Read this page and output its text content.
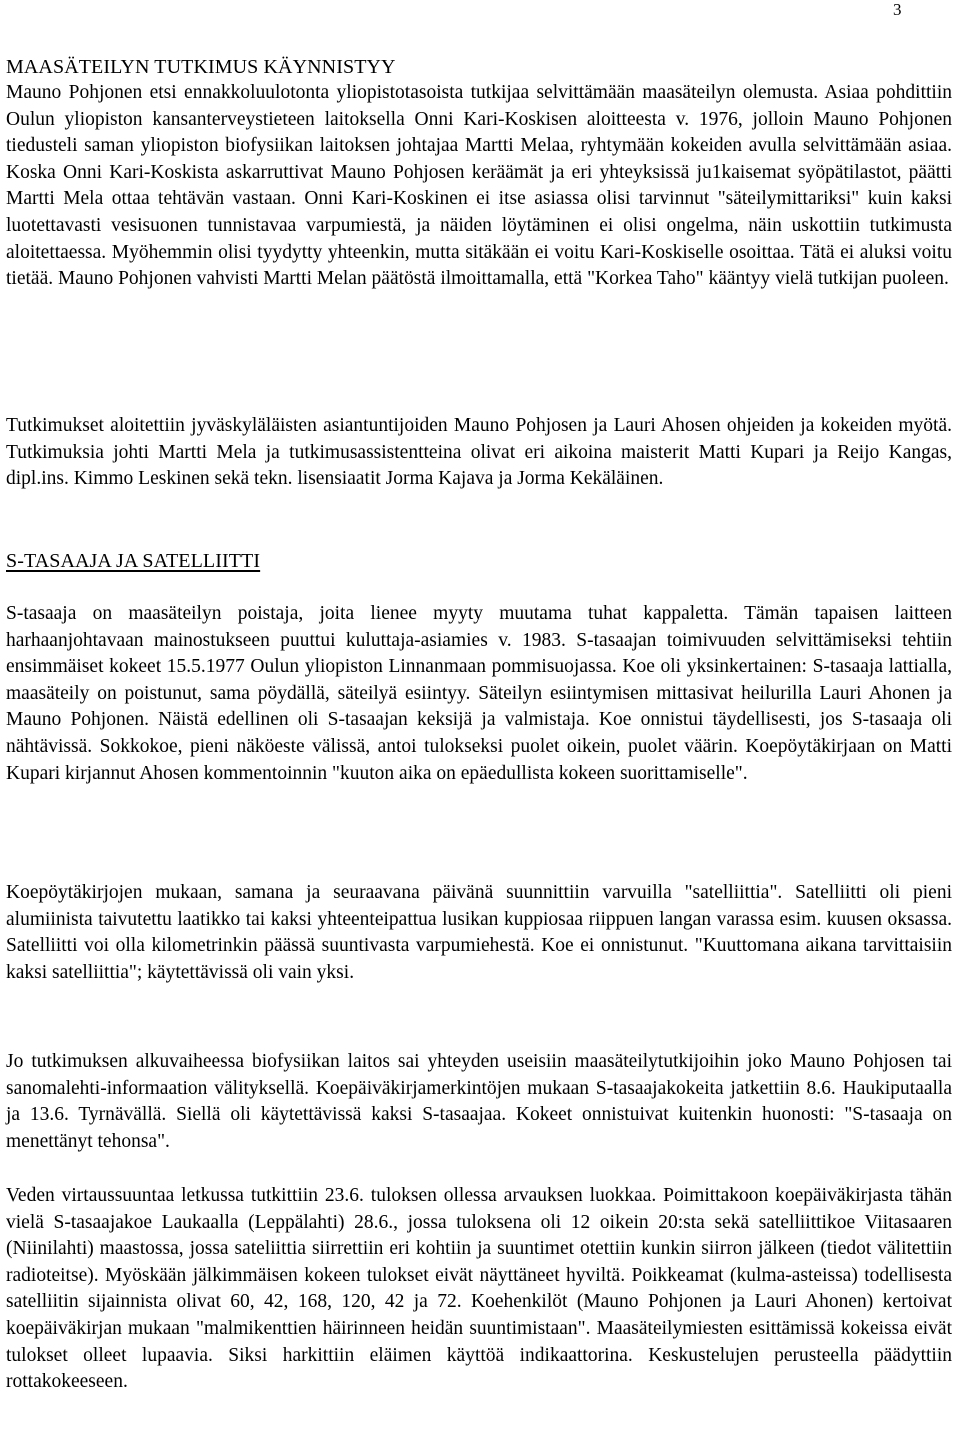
3
MAASÄTEILYN TUTKIMUS KÄYNNISTYY

Mauno Pohjonen etsi ennakkoluulotonta yliopistotasoista tutkijaa selvittämään maasäteilyn olemusta. Asiaa pohdittiin Oulun yliopiston kansanterveystieteen laitoksella Onni Kari-Koskisen aloitteesta v. 1976, jolloin Mauno Pohjonen tiedusteli saman yliopiston biofysiikan laitoksen johtajaa Martti Melaa, ryhtymään kokeiden avulla selvittämään asiaa. Koska Onni Kari-Koskista askarruttivat Mauno Pohjosen keräämät ja eri yhteyksissä ju1kaisemat syöpätilastot, päätti Martti Mela ottaa tehtävän vastaan. Onni Kari-Koskinen ei itse asiassa olisi tarvinnut "säteilymittariksi" kuin kaksi luotettavasti vesisuonen tunnistavaa varpumiestä, ja näiden löytäminen ei olisi ongelma, näin uskottiin tutkimusta aloitettaessa. Myöhemmin olisi tyydytty yhteenkin, mutta sitäkään ei voitu Kari-Koskiselle osoittaa. Tätä ei aluksi voitu tietää. Mauno Pohjonen vahvisti Martti Melan päätöstä ilmoittamalla, että "Korkea Taho" kääntyy vielä tutkijan puoleen.

Tutkimukset aloitettiin jyväskyläläisten asiantuntijoiden Mauno Pohjosen ja Lauri Ahosen ohjeiden ja kokeiden myötä. Tutkimuksia johti Martti Mela ja tutkimusassistentteina olivat eri aikoina maisterit Matti Kupari ja Reijo Kangas, dipl.ins. Kimmo Leskinen sekä tekn. lisensiaatit Jorma Kajava ja Jorma Kekäläinen.

S-TASAAJA JA SATELLIITTI

S-tasaaja on maasäteilyn poistaja, joita lienee myyty muutama tuhat kappaletta. Tämän tapaisen laitteen harhaanjohtavaan mainostukseen puuttui kuluttaja-asiamies v. 1983. S-tasaajan toimivuuden selvittämiseksi tehtiin ensimmäiset kokeet 15.5.1977 Oulun yliopiston Linnanmaan pommisuojassa. Koe oli yksinkertainen: S-tasaaja lattialla, maasäteily on poistunut, sama pöydällä, säteilyä esiintyy. Säteilyn esiintymisen mittasivat heilurilla Lauri Ahonen ja Mauno Pohjonen. Näistä edellinen oli S-tasaajan keksijä ja valmistaja. Koe onnistui täydellisesti, jos S-tasaaja oli nähtävissä. Sokkokoe, pieni näköeste välissä, antoi tulokseksi puolet oikein, puolet väärin. Koepöytäkirjaan on Matti Kupari kirjannut Ahosen kommentoinnin "kuuton aika on epäedullista kokeen suorittamiselle".

Koepöytäkirjojen mukaan, samana ja seuraavana päivänä suunnittiin varvuilla "satelliittia". Satelliitti oli pieni alumiinista taivutettu laatikko tai kaksi yhteenteipattua lusikan kuppiosaa riippuen langan varassa esim. kuusen oksassa. Satelliitti voi olla kilometrinkin päässä suuntivasta varpumiehestä. Koe ei onnistunut. "Kuuttomana aikana tarvittaisiin kaksi satelliittia"; käytettävissä oli vain yksi.

Jo tutkimuksen alkuvaiheessa biofysiikan laitos sai yhteyden useisiin maasäteilytutkijoihin joko Mauno Pohjosen tai sanomalehti-informaation välityksellä. Koepäiväkirjamerkintöjen mukaan S-tasaajakokeita jatkettiin 8.6. Haukiputaalla ja 13.6. Tyrnävällä. Siellä oli käytettävissä kaksi S-tasaajaa. Kokeet onnistuivat kuitenkin huonosti: "S-tasaaja on menettänyt tehonsa".

Veden virtaussuuntaa letkussa tutkittiin 23.6. tuloksen ollessa arvauksen luokkaa. Poimittakoon koepäiväkirjasta tähän vielä S-tasaajakoe Laukaalla (Leppälahti) 28.6., jossa tuloksena oli 12 oikein 20:sta sekä satelliittikoe Viitasaaren (Niinilahti) maastossa, jossa sateliittia siirrettiin eri kohtiin ja suuntimet otettiin kunkin siirron jälkeen (tiedot välitettiin radioteitse). Myöskään jälkimmäisen kokeen tulokset eivät näyttäneet hyviltä. Poikkeamat (kulma-asteissa) todellisesta satelliitin sijainnista olivat 60, 42, 168, 120, 42 ja 72. Koehenkilöt (Mauno Pohjonen ja Lauri Ahonen) kertoivat koepäiväkirjan mukaan "malmikenttien häirinneen heidän suuntimistaan". Maasäteilymiesten esittämissä kokeissa eivät tulokset olleet lupaavia. Siksi harkittiin eläimen käyttöä indikaattorina. Keskustelujen perusteella päädyttiin rottakokeeseen.
